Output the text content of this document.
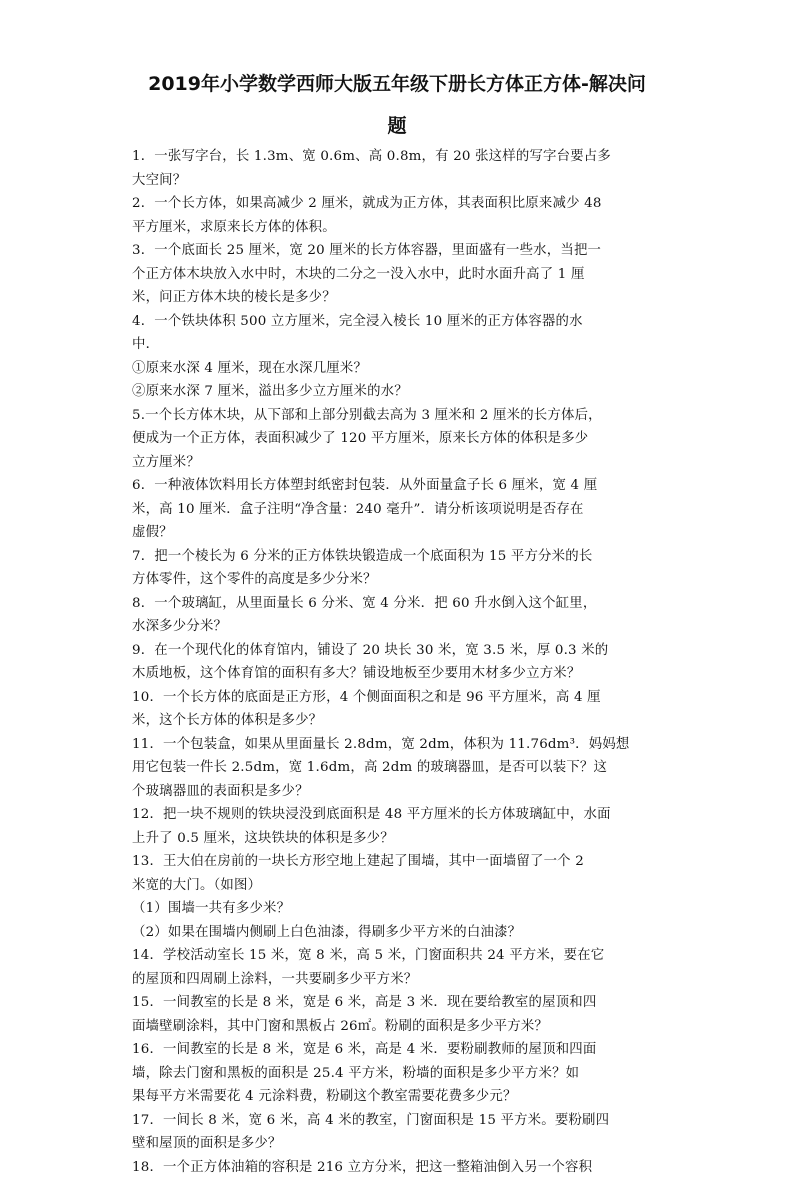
2019年小学数学西师大版五年级下册长方体正方体-解决问
题
1．一张写字台，长 1.3m、宽 0.6m、高 0.8m，有 20 张这样的写字台要占多
大空间？
2．一个长方体，如果高减少 2 厘米，就成为正方体，其表面积比原来减少 48
平方厘米，求原来长方体的体积。
3．一个底面长 25 厘米，宽 20 厘米的长方体容器，里面盛有一些水，当把一
个正方体木块放入水中时，木块的二分之一没入水中，此时水面升高了 1 厘
米，问正方体木块的棱长是多少？
4．一个铁块体积 500 立方厘米，完全浸入棱长 10 厘米的正方体容器的水
中．
①原来水深 4 厘米，现在水深几厘米？
②原来水深 7 厘米，溢出多少立方厘米的水？
5.一个长方体木块，从下部和上部分别截去高为 3 厘米和 2 厘米的长方体后，
便成为一个正方体，表面积减少了 120 平方厘米，原来长方体的体积是多少
立方厘米？
6．一种液体饮料用长方体塑封纸密封包装．从外面量盒子长 6 厘米，宽 4 厘
米，高 10 厘米．盒子注明“净含量：240 毫升”．请分析该项说明是否存在
虚假？
7．把一个棱长为 6 分米的正方体铁块锻造成一个底面积为 15 平方分米的长
方体零件，这个零件的高度是多少分米？
8．一个玻璃缸，从里面量长 6 分米、宽 4 分米．把 60 升水倒入这个缸里，
水深多少分米？
9．在一个现代化的体育馆内，铺设了 20 块长 30 米，宽 3.5 米，厚 0.3 米的
木质地板，这个体育馆的面积有多大？铺设地板至少要用木材多少立方米？
10．一个长方体的底面是正方形，4 个侧面面积之和是 96 平方厘米，高 4 厘
米，这个长方体的体积是多少？
11．一个包装盒，如果从里面量长 2.8dm，宽 2dm，体积为 11.76dm³．妈妈想
用它包装一件长 2.5dm，宽 1.6dm，高 2dm 的玻璃器皿，是否可以装下？这
个玻璃器皿的表面积是多少？
12．把一块不规则的铁块浸没到底面积是 48 平方厘米的长方体玻璃缸中，水面
上升了 0.5 厘米，这块铁块的体积是多少？
13．王大伯在房前的一块长方形空地上建起了围墙，其中一面墙留了一个 2
米宽的大门。（如图）
（1）围墙一共有多少米？
（2）如果在围墙内侧刷上白色油漆，得刷多少平方米的白油漆？
14．学校活动室长 15 米，宽 8 米，高 5 米，门窗面积共 24 平方米，要在它
的屋顶和四周刷上涂料，一共要刷多少平方米？
15．一间教室的长是 8 米，宽是 6 米，高是 3 米．现在要给教室的屋顶和四
面墙壁刷涂料，其中门窗和黑板占 26㎡。粉刷的面积是多少平方米？
16．一间教室的长是 8 米，宽是 6 米，高是 4 米．要粉刷教师的屋顶和四面
墙，除去门窗和黑板的面积是 25.4 平方米，粉墙的面积是多少平方米？如
果每平方米需要花 4 元涂料费，粉刷这个教室需要花费多少元？
17．一间长 8 米，宽 6 米，高 4 米的教室，门窗面积是 15 平方米。要粉刷四
壁和屋顶的面积是多少？
18．一个正方体油箱的容积是 216 立方分米，把这一整箱油倒入另一个容积
